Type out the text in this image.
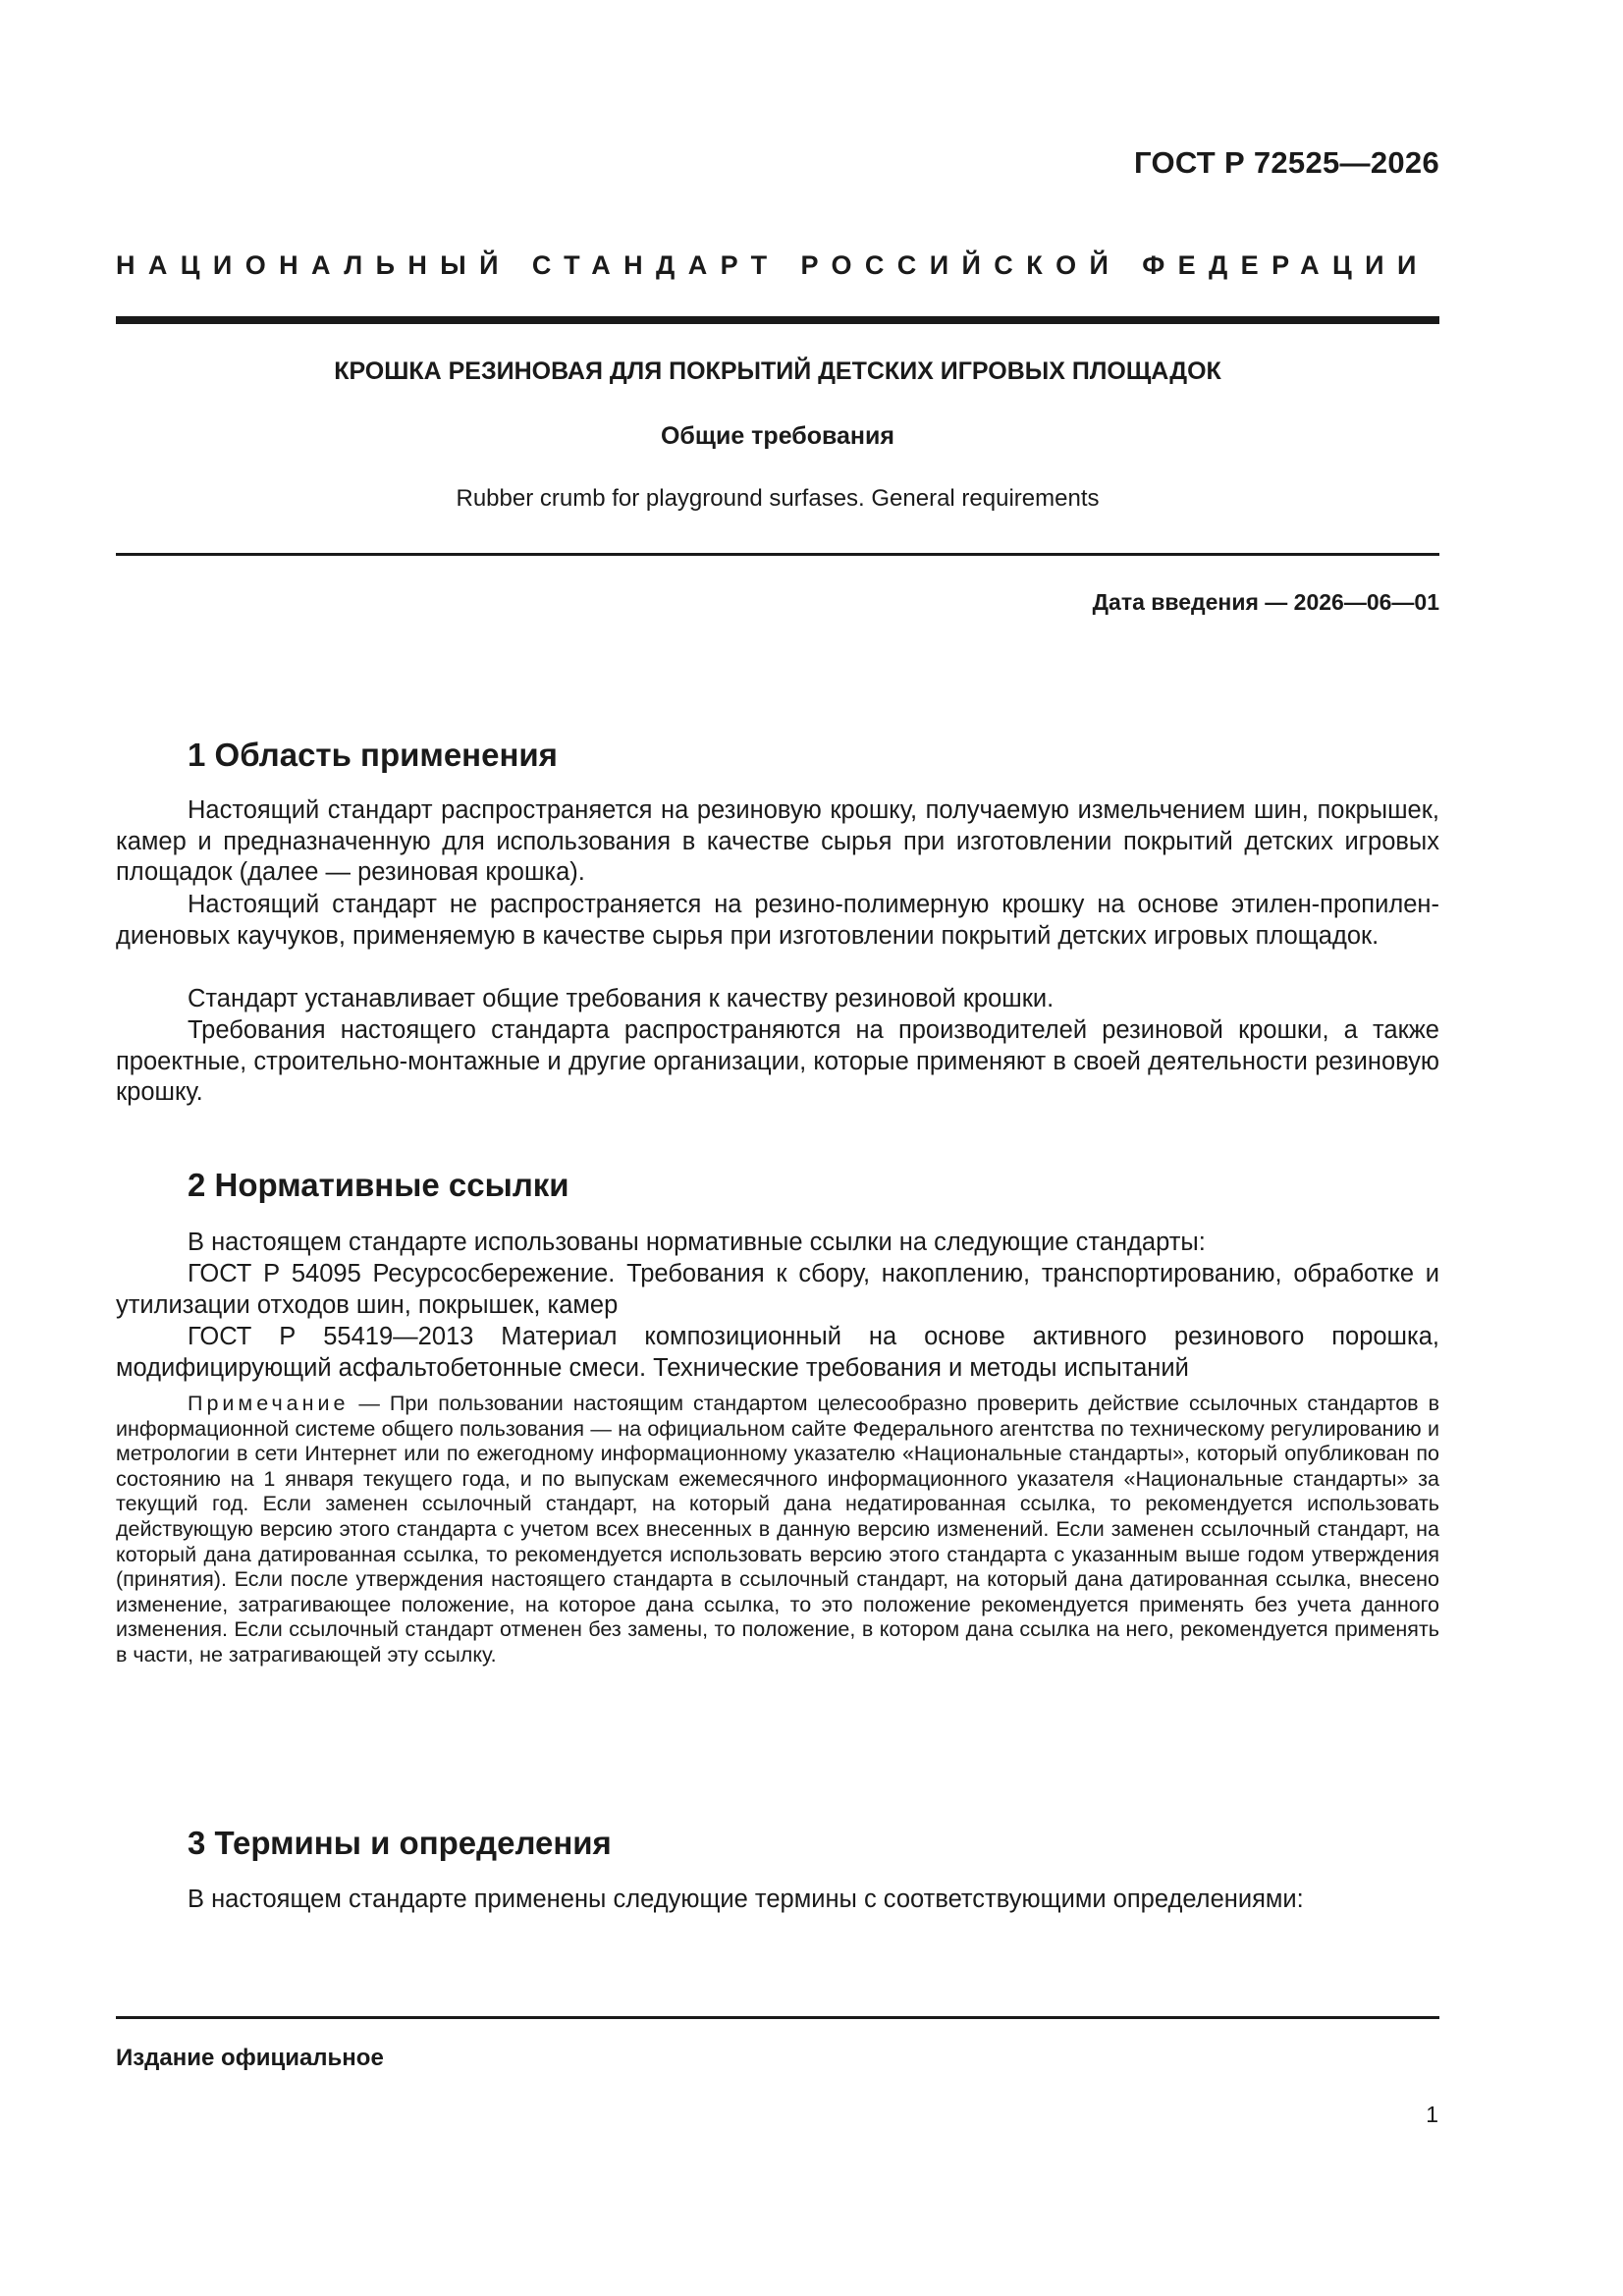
ГОСТ Р 72525—2026
НАЦИОНАЛЬНЫЙ СТАНДАРТ РОССИЙСКОЙ ФЕДЕРАЦИИ
КРОШКА РЕЗИНОВАЯ ДЛЯ ПОКРЫТИЙ ДЕТСКИХ ИГРОВЫХ ПЛОЩАДОК
Общие требования
Rubber crumb for playground surfases. General requirements
Дата введения — 2026—06—01
1 Область применения

Настоящий стандарт распространяется на резиновую крошку, получаемую измельчением шин, покрышек, камер и предназначенную для использования в качестве сырья при изготовлении покрытий детских игровых площадок (далее — резиновая крошка).

Настоящий стандарт не распространяется на резино-полимерную крошку на основе этилен-пропилен-диеновых каучуков, применяемую в качестве сырья при изготовлении покрытий детских игровых площадок.

Стандарт устанавливает общие требования к качеству резиновой крошки.

Требования настоящего стандарта распространяются на производителей резиновой крошки, а также проектные, строительно-монтажные и другие организации, которые применяют в своей деятельности резиновую крошку.

2 Нормативные ссылки

В настоящем стандарте использованы нормативные ссылки на следующие стандарты:

ГОСТ Р 54095 Ресурсосбережение. Требования к сбору, накоплению, транспортированию, обработке и утилизации отходов шин, покрышек, камер

ГОСТ Р 55419—2013 Материал композиционный на основе активного резинового порошка, модифицирующий асфальтобетонные смеси. Технические требования и методы испытаний

Примечание — При пользовании настоящим стандартом целесообразно проверить действие ссылочных стандартов в информационной системе общего пользования — на официальном сайте Федерального агентства по техническому регулированию и метрологии в сети Интернет или по ежегодному информационному указателю «Национальные стандарты», который опубликован по состоянию на 1 января текущего года, и по выпускам ежемесячного информационного указателя «Национальные стандарты» за текущий год. Если заменен ссылочный стандарт, на который дана недатированная ссылка, то рекомендуется использовать действующую версию этого стандарта с учетом всех внесенных в данную версию изменений. Если заменен ссылочный стандарт, на который дана датированная ссылка, то рекомендуется использовать версию этого стандарта с указанным выше годом утверждения (принятия). Если после утверждения настоящего стандарта в ссылочный стандарт, на который дана датированная ссылка, внесено изменение, затрагивающее положение, на которое дана ссылка, то это положение рекомендуется применять без учета данного изменения. Если ссылочный стандарт отменен без замены, то положение, в котором дана ссылка на него, рекомендуется применять в части, не затрагивающей эту ссылку.

3 Термины и определения

В настоящем стандарте применены следующие термины с соответствующими определениями:

Издание официальное
1
